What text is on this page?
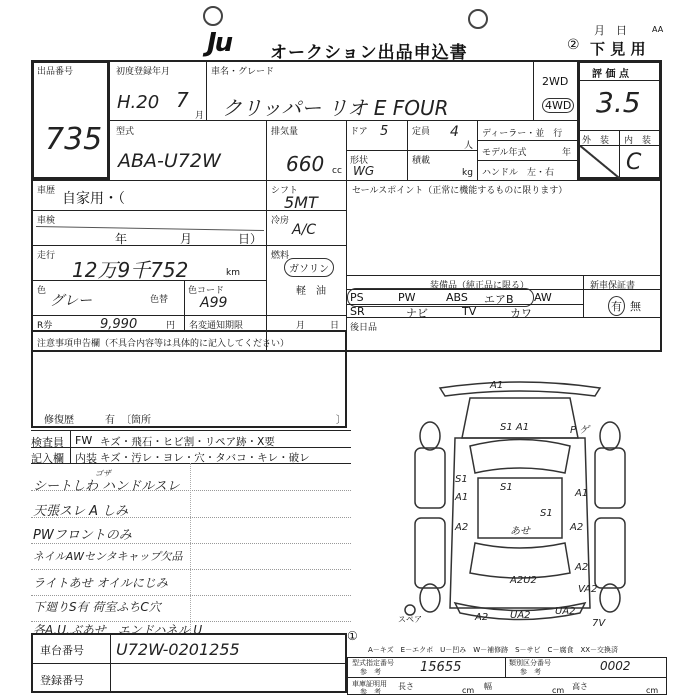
Ju オークション出品申込書
月　日	AA
② 下 見 用
出品番号
735
初度登録年月
H.20 7
月
車名・グレード
クリッパー リオ E FOUR
2WD
4WD
評 価 点
3.5
外　装 内　装
C
型式
ABA-U72W
排気量
660 cc
ドア 5	定員 4
人
形状
WG
積載
kg
ディーラー・並　行
モデル年式	年
ハンドル　左・右
車歴 自家用・（	シフト
5MT
セールスポイント（正常に機能するものに限ります）
車検
年	月	日）
冷房
A/C
走行
12万9千752	km
燃料
ガソリン
軽　油
色
グレー	色替
色コード
A99
装備品（純正品に限る）	新車保証書
PS	PW	ABS	エアB	AW
SR	ナビ	TV	カワ
有 無
後日品
R券	9,990	円 名変通知期限	月	日
注意事項申告欄（不具合内容等は具体的に記入してください）
修復歴	有 〔箇所	〕
検査員 FW キズ・飛石・ヒビ割・リペア跡・X要
記入欄 内装 キズ・汚レ・ヨレ・穴・タバコ・キレ・破レ
ゴザ
シートしわ ハンドルスレ
天張スレ A しみ
PWフロントのみ
ネイルAWセンタキャップ欠品
ライトあせ オイルにじみ
下廻りS有 荷室ふちC穴
各A.U.ぶあせ　エンドハネル U
A1
S1 A1	P ゲ
S1
A1
S1
A1
A2	あせ	A2
S1
A2U2
A2 UA2 UA2
A2
7V
VA2
スペア
A－キズ　E－エクボ　U－凹み　W－補修跡　S－サビ　C－腐食　XX－交換済
車台番号 U72W-0201255
登録番号
①
型式指定番号
参　考	15655	類別区分番号
参　考	0002
車庫証明用
参　考
長さ	cm 幅	cm 高さ	cm
